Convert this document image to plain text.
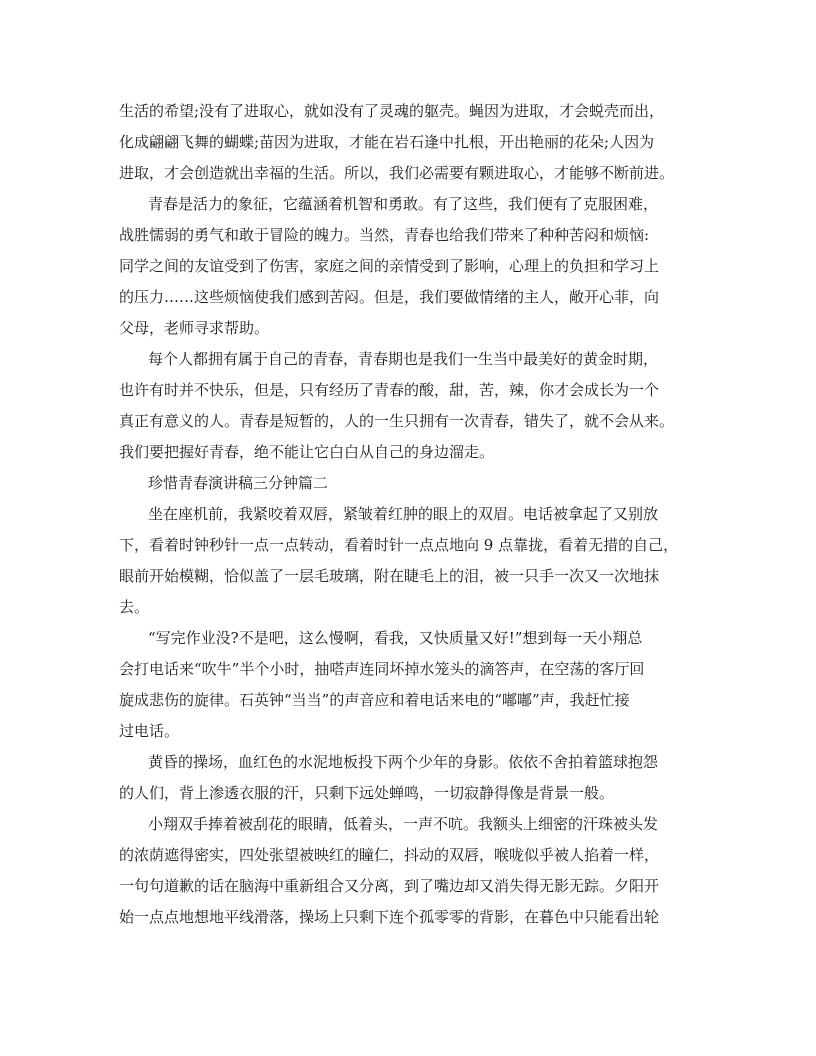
生活的希望;没有了进取心，就如没有了灵魂的躯壳。蝇因为进取，才会蜕壳而出，
化成翩翩飞舞的蝴蝶;苗因为进取，才能在岩石逢中扎根，开出艳丽的花朵;人因为
进取，才会创造就出幸福的生活。所以，我们必需要有颗进取心，才能够不断前进。
青春是活力的象征，它蕴涵着机智和勇敢。有了这些，我们便有了克服困难，
战胜懦弱的勇气和敢于冒险的魄力。当然，青春也给我们带来了种种苦闷和烦恼:
同学之间的友谊受到了伤害，家庭之间的亲情受到了影响，心理上的负担和学习上
的压力……这些烦恼使我们感到苦闷。但是，我们要做情绪的主人，敞开心菲，向
父母，老师寻求帮助。
每个人都拥有属于自己的青春，青春期也是我们一生当中最美好的黄金时期，
也许有时并不快乐，但是，只有经历了青春的酸，甜，苦，辣，你才会成长为一个
真正有意义的人。青春是短暂的，人的一生只拥有一次青春，错失了，就不会从来。
我们要把握好青春，绝不能让它白白从自己的身边溜走。
珍惜青春演讲稿三分钟篇二
坐在座机前，我紧咬着双唇，紧皱着红肿的眼上的双眉。电话被拿起了又别放
下，看着时钟秒针一点一点转动，看着时针一点点地向 9 点靠拢，看着无措的自己，
眼前开始模糊，恰似盖了一层毛玻璃，附在睫毛上的泪，被一只手一次又一次地抹
去。
“写完作业没?不是吧，这么慢啊，看我，又快质量又好!”想到每一天小翔总
会打电话来“吹牛”半个小时，抽嗒声连同坏掉水笼头的滴答声，在空荡的客厅回
旋成悲伤的旋律。石英钟“当当”的声音应和着电话来电的“嘟嘟”声，我赶忙接
过电话。
黄昏的操场，血红色的水泥地板投下两个少年的身影。依依不舍拍着篮球抱怨
的人们，背上渗透衣服的汗，只剩下远处蝉鸣，一切寂静得像是背景一般。
小翔双手捧着被刮花的眼睛，低着头，一声不吭。我额头上细密的汗珠被头发
的浓荫遮得密实，四处张望被映红的瞳仁，抖动的双唇，喉咙似乎被人掐着一样，
一句句道歉的话在脑海中重新组合又分离，到了嘴边却又消失得无影无踪。夕阳开
始一点点地想地平线滑落，操场上只剩下连个孤零零的背影，在暮色中只能看出轮
